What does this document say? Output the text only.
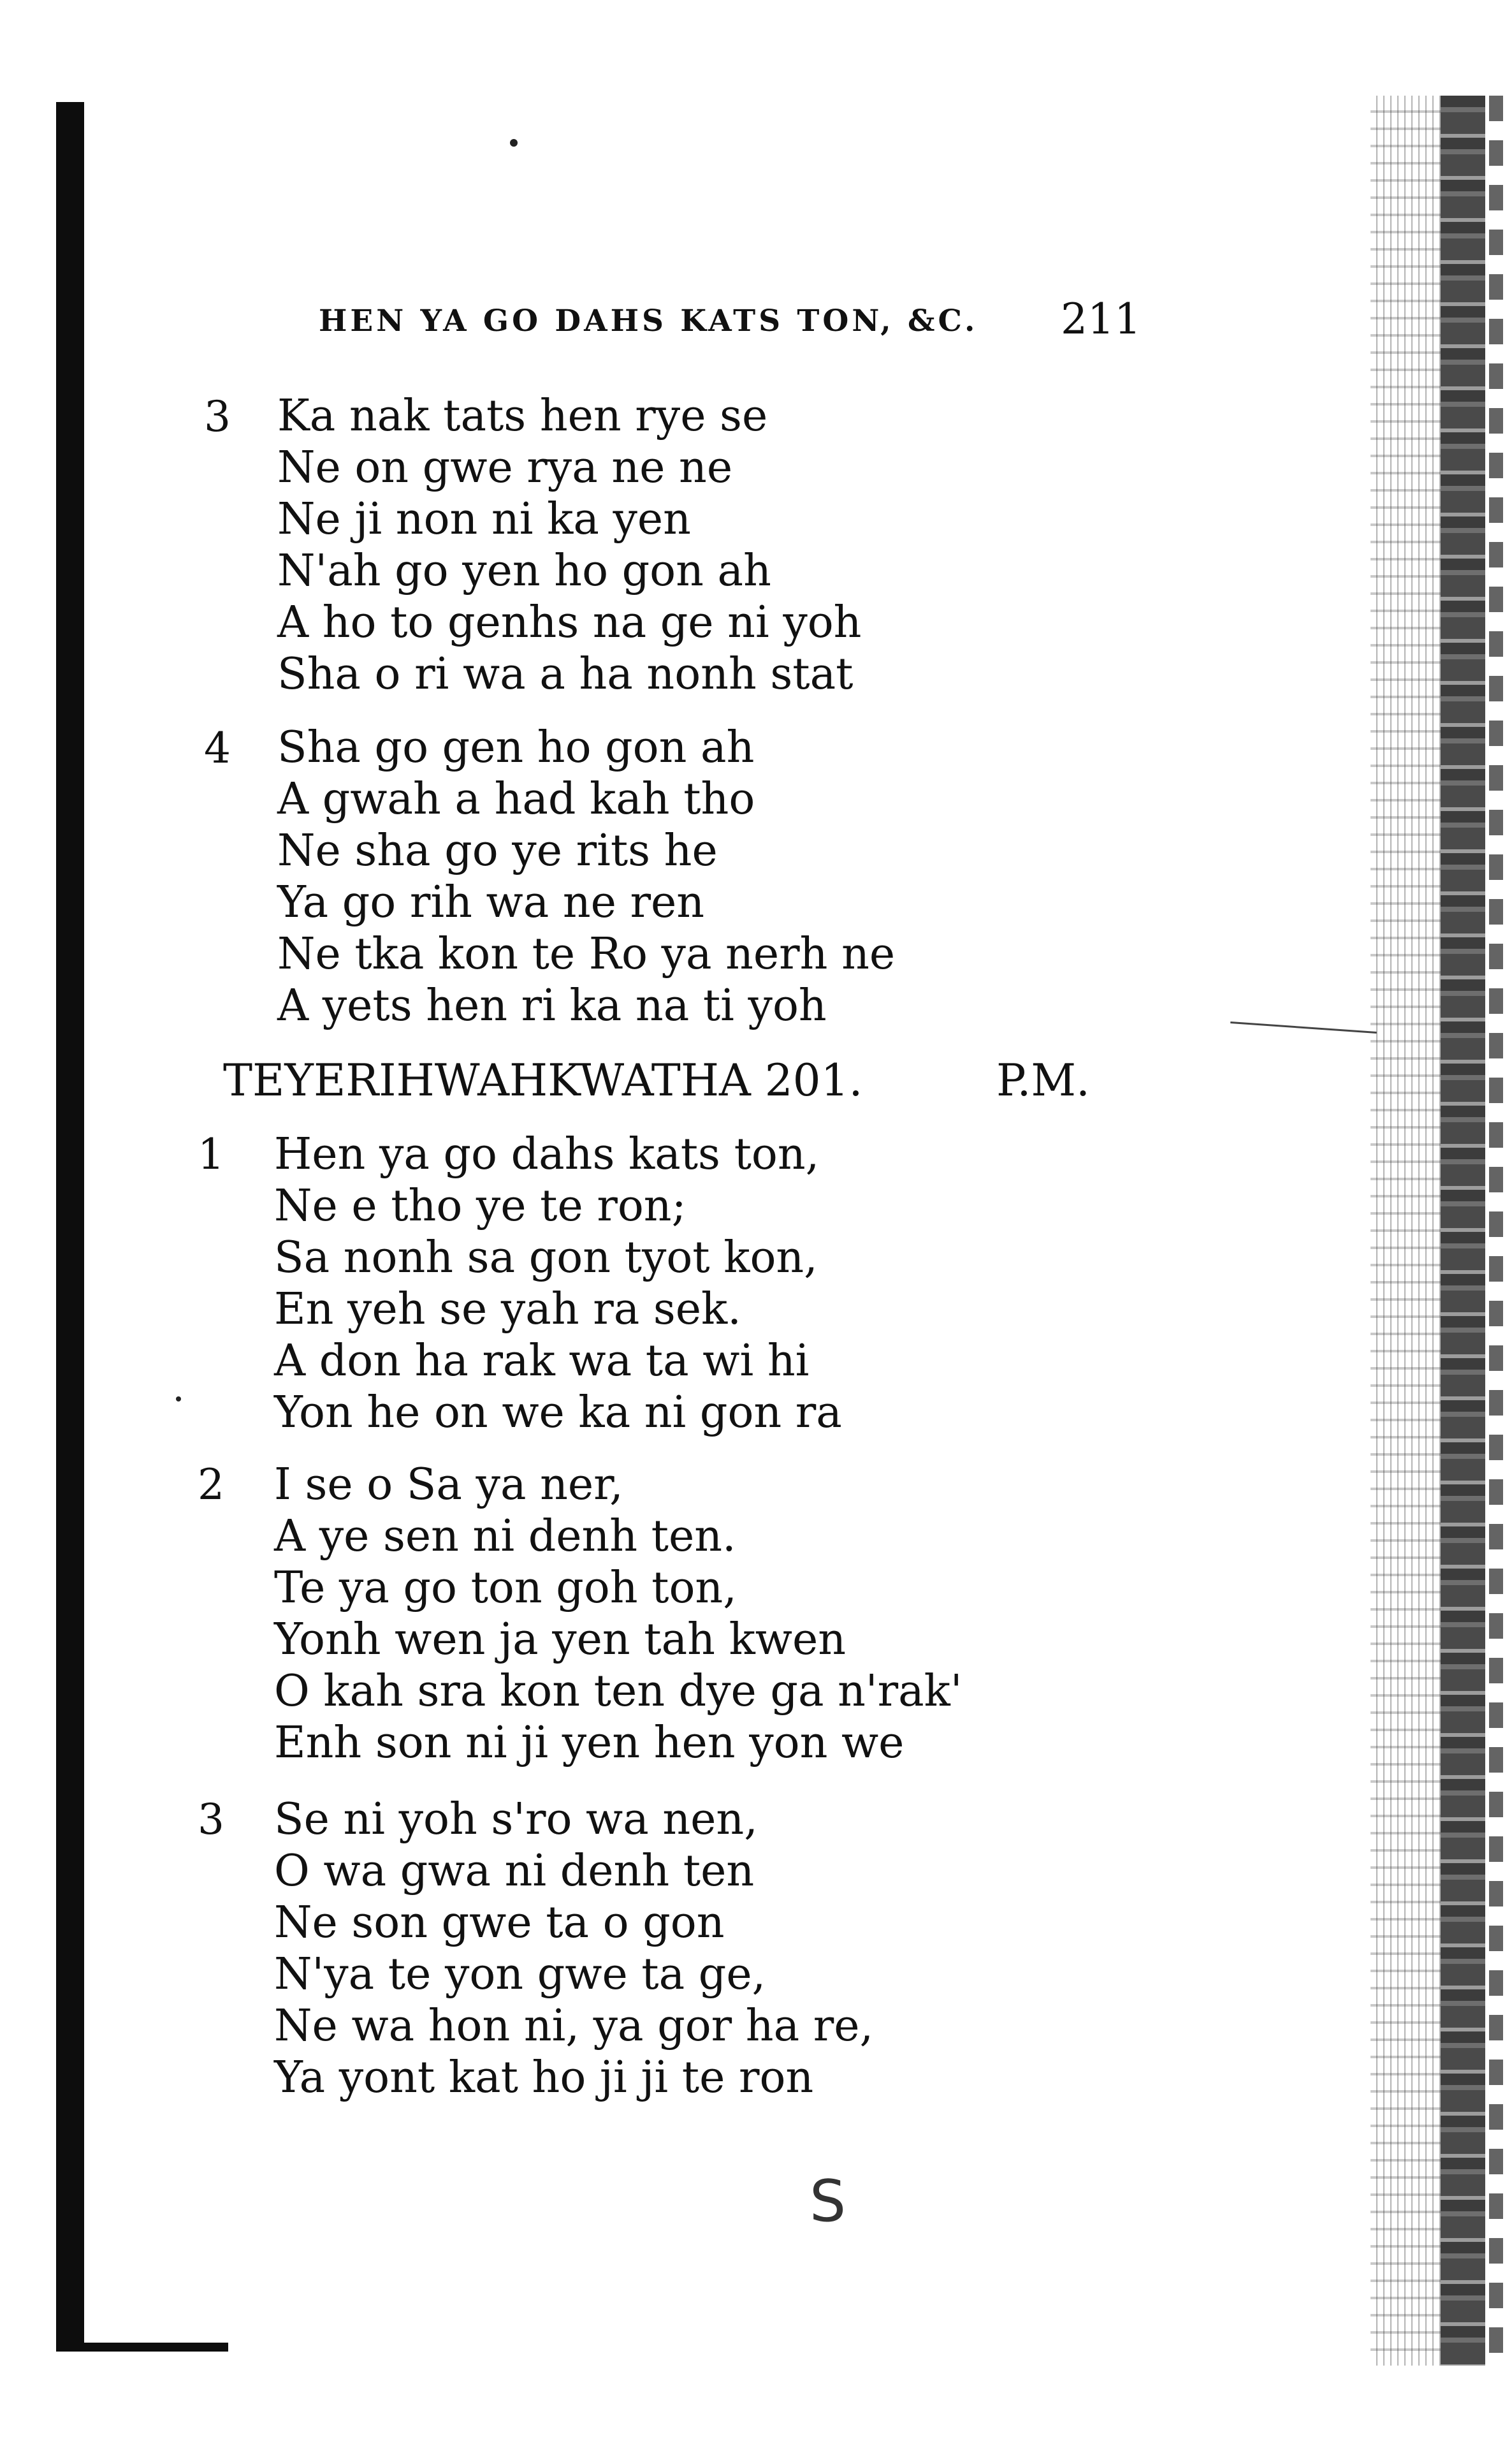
HEN YA GO DAHS KATS TON, &C. 211
3 Ka nak tats hen rye se
Ne on gwe rya ne ne
Ne ji non ni ka yen
N'ah go yen ho gon ah
A ho to genhs na ge ni yoh
Sha o ri wa a ha nonh stat
4 Sha go gen ho gon ah
A gwah a had kah tho
Ne sha go ye rits he
Ya go rih wa ne ren
Ne tka kon te Ro ya nerh ne
A yets hen ri ka na ti yoh
TEYERIHWAHKWATHA 201.	P.M.
1 Hen ya go dahs kats ton,
Ne e tho ye te ron;
Sa nonh sa gon tyot kon,
En yeh se yah ra sek.
A don ha rak wa ta wi hi
Yon he on we ka ni gon ra
2 I se o Sa ya ner,
A ye sen ni denh ten.
Te ya go ton goh ton,
Yonh wen ja yen tah kwen
O kah sra kon ten dye ga n'rak'
Enh son ni ji yen hen yon we
3 Se ni yoh s'ro wa nen,
O wa gwa ni denh ten
Ne son gwe ta o gon
N'ya te yon gwe ta ge,
Ne wa hon ni, ya gor ha re,
Ya yont kat ho ji ji te ron
S
